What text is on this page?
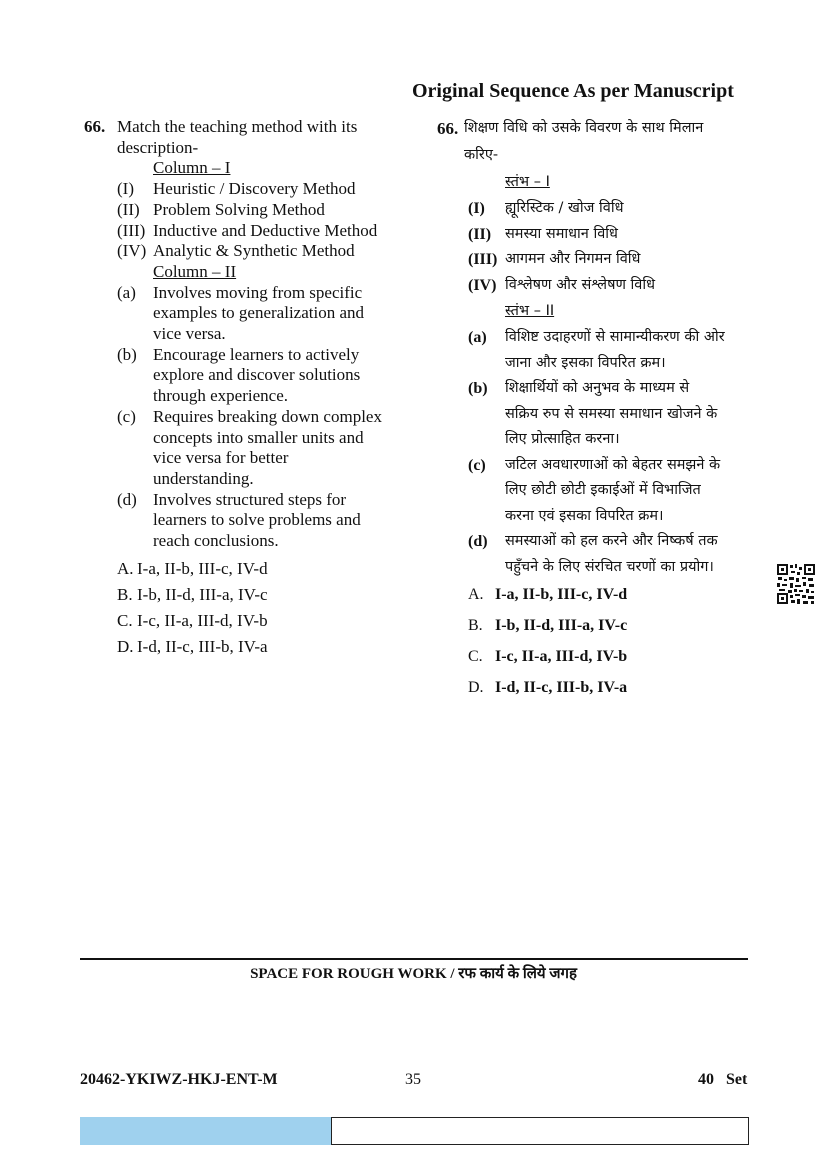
Original Sequence As per Manuscript
66. Match the teaching method with its
description-
Column – I
(I)	Heuristic / Discovery Method
(II) Problem Solving Method
(III) Inductive and Deductive Method
(IV) Analytic & Synthetic Method
Column – II
(a)	Involves moving from specific
examples to generalization and
vice versa.
(b) Encourage learners to actively
explore and discover solutions
through experience.
(c)	Requires breaking down complex
concepts into smaller units and
vice versa for better
understanding.
(d) Involves structured steps for
learners to solve problems and
reach conclusions.
A. I-a, II-b, III-c, IV-d
B. I-b, II-d, III-a, IV-c
C. I-c, II-a, III-d, IV-b
D. I-d, II-c, III-b, IV-a
66. शिक्षण विधि को उसके विवरण के साथ मिलान
करिए-
स्तंभ – I
(I)	ह्यूरिस्टिक / खोज विधि
(II) समस्या समाधान विधि
(III) आगमन और निगमन विधि
(IV) विश्लेषण और संश्लेषण विधि
स्तंभ – II
(a)	विशिष्ट उदाहरणों से सामान्यीकरण की ओर
जाना और इसका विपरित क्रम।
(b)	शिक्षार्थियों को अनुभव के माध्यम से
सक्रिय रुप से समस्या समाधान खोजने के
लिए प्रोत्साहित करना।
(c)	जटिल अवधारणाओं को बेहतर समझने के
लिए छोटी छोटी इकाईओं में विभाजित
करना एवं इसका विपरित क्रम।
(d)	समस्याओं को हल करने और निष्कर्ष तक
पहुँचने के लिए संरचित चरणों का प्रयोग।
A. I-a, II-b, III-c, IV-d
B. I-b, II-d, III-a, IV-c
C. I-c, II-a, III-d, IV-b
D. I-d, II-c, III-b, IV-a
SPACE FOR ROUGH WORK / रफ कार्य के लिये जगह
20462-YKIWZ-HKJ-ENT-M	35	40 Set
